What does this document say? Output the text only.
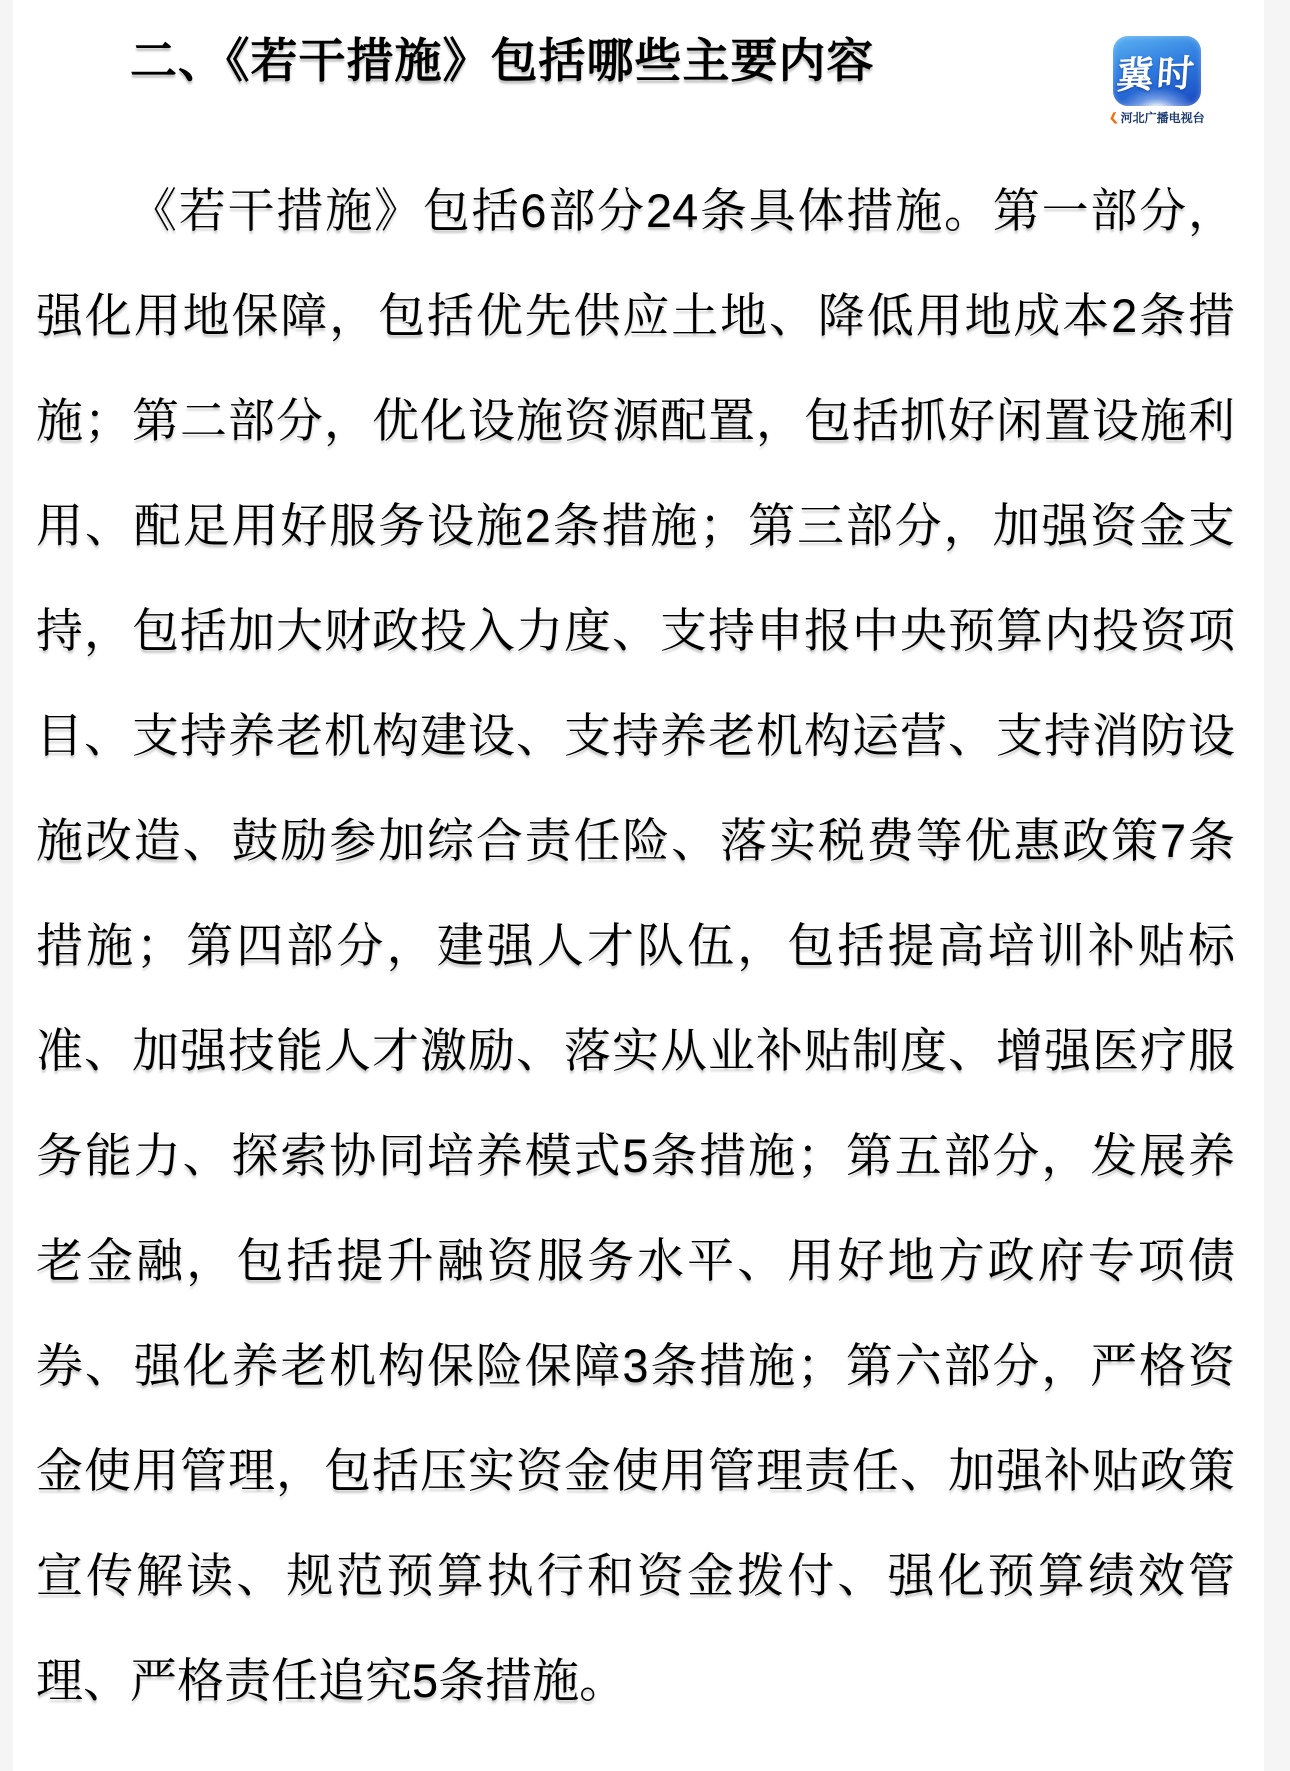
二、《若干措施》包括哪些主要内容
《若干措施》包括6部分24条具体措施。第一部分，
强化用地保障，包括优先供应土地、降低用地成本2条措
施；第二部分，优化设施资源配置，包括抓好闲置设施利
用、配足用好服务设施2条措施；第三部分，加强资金支
持，包括加大财政投入力度、支持申报中央预算内投资项
目、支持养老机构建设、支持养老机构运营、支持消防设
施改造、鼓励参加综合责任险、落实税费等优惠政策7条
措施；第四部分，建强人才队伍，包括提高培训补贴标
准、加强技能人才激励、落实从业补贴制度、增强医疗服
务能力、探索协同培养模式5条措施；第五部分，发展养
老金融，包括提升融资服务水平、用好地方政府专项债
券、强化养老机构保险保障3条措施；第六部分，严格资
金使用管理，包括压实资金使用管理责任、加强补贴政策
宣传解读、规范预算执行和资金拨付、强化预算绩效管
理、严格责任追究5条措施。
冀时
❮ 河北广播电视台
